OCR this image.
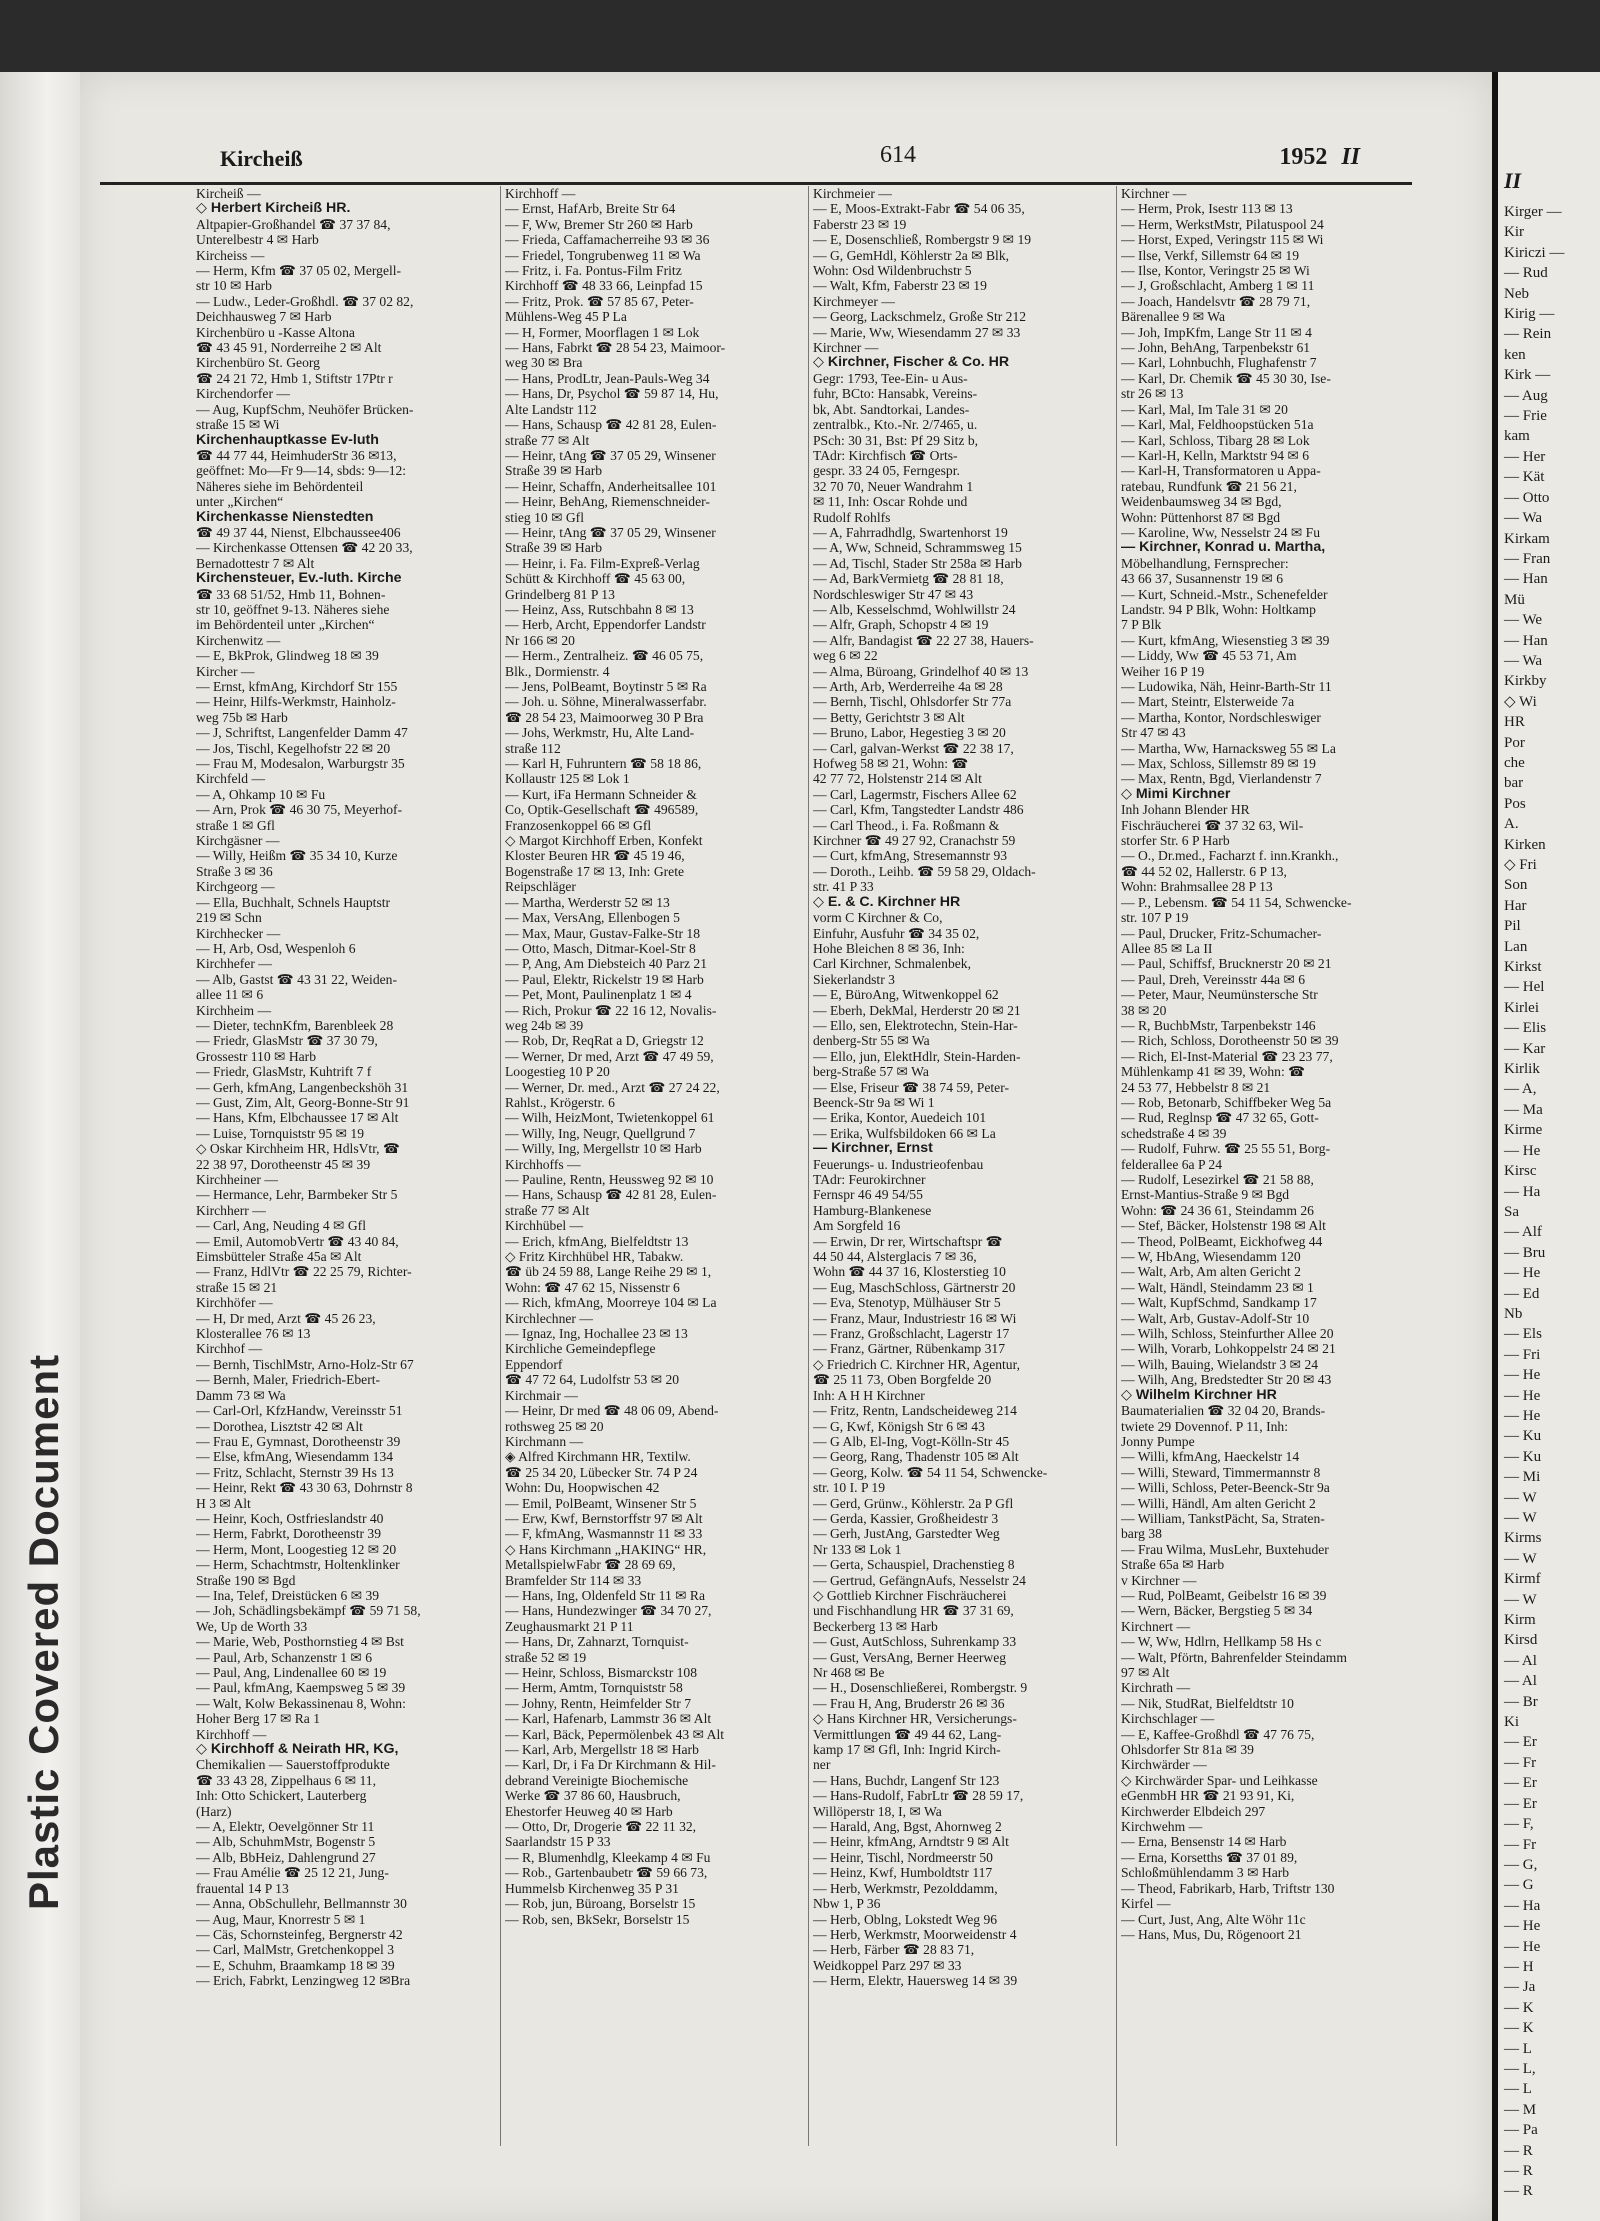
Plastic Covered Document
Kircheiß	614	1952 II
Kircheiß —
◇ Herbert Kircheiß HR.
Altpapier-Großhandel ☎ 37 37 84,
Unterelbestr 4 ✉ Harb
Kircheiss —
— Herm, Kfm ☎ 37 05 02, Mergell-
str 10 ✉ Harb
— Ludw., Leder-Großhdl. ☎ 37 02 82,
Deichhausweg 7 ✉ Harb
Kirchenbüro u -Kasse Altona
☎ 43 45 91, Norderreihe 2 ✉ Alt
Kirchenbüro St. Georg
☎ 24 21 72, Hmb 1, Stiftstr 17Ptr r
Kirchendorfer —
— Aug, KupfSchm, Neuhöfer Brücken-
straße 15 ✉ Wi
Kirchenhauptkasse Ev-luth
☎ 44 77 44, HeimhuderStr 36 ✉13,
geöffnet: Mo—Fr 9—14, sbds: 9—12:
Näheres siehe im Behördenteil
unter „Kirchen“
Kirchenkasse Nienstedten
☎ 49 37 44, Nienst, Elbchaussee406
— Kirchenkasse Ottensen ☎ 42 20 33,
Bernadottestr 7 ✉ Alt
Kirchensteuer, Ev.-luth. Kirche
☎ 33 68 51/52, Hmb 11, Bohnen-
str 10, geöffnet 9-13. Näheres siehe
im Behördenteil unter „Kirchen“
Kirchenwitz —
— E, BkProk, Glindweg 18 ✉ 39
Kircher —
— Ernst, kfmAng, Kirchdorf Str 155
— Heinr, Hilfs-Werkmstr, Hainholz-
weg 75b ✉ Harb
— J, Schriftst, Langenfelder Damm 47
— Jos, Tischl, Kegelhofstr 22 ✉ 20
— Frau M, Modesalon, Warburgstr 35
Kirchfeld —
— A, Ohkamp 10 ✉ Fu
— Arn, Prok ☎ 46 30 75, Meyerhof-
straße 1 ✉ Gfl
Kirchgäsner —
— Willy, Heißm ☎ 35 34 10, Kurze
Straße 3 ✉ 36
Kirchgeorg —
— Ella, Buchhalt, Schnels Hauptstr
219 ✉ Schn
Kirchhecker —
— H, Arb, Osd, Wespenloh 6
Kirchhefer —
— Alb, Gastst ☎ 43 31 22, Weiden-
allee 11 ✉ 6
Kirchheim —
— Dieter, technKfm, Barenbleek 28
— Friedr, GlasMstr ☎ 37 30 79,
Grossestr 110 ✉ Harb
— Friedr, GlasMstr, Kuhtrift 7 f
— Gerh, kfmAng, Langenbeckshöh 31
— Gust, Zim, Alt, Georg-Bonne-Str 91
— Hans, Kfm, Elbchaussee 17 ✉ Alt
— Luise, Tornquiststr 95 ✉ 19
◇ Oskar Kirchheim HR, HdlsVtr, ☎
22 38 97, Dorotheenstr 45 ✉ 39
Kirchheiner —
— Hermance, Lehr, Barmbeker Str 5
Kirchherr —
— Carl, Ang, Neuding 4 ✉ Gfl
— Emil, AutomobVertr ☎ 43 40 84,
Eimsbütteler Straße 45a ✉ Alt
— Franz, HdlVtr ☎ 22 25 79, Richter-
straße 15 ✉ 21
Kirchhöfer —
— H, Dr med, Arzt ☎ 45 26 23,
Klosterallee 76 ✉ 13
Kirchhof —
— Bernh, TischlMstr, Arno-Holz-Str 67
— Bernh, Maler, Friedrich-Ebert-
Damm 73 ✉ Wa
— Carl-Orl, KfzHandw, Vereinsstr 51
— Dorothea, Lisztstr 42 ✉ Alt
— Frau E, Gymnast, Dorotheenstr 39
— Else, kfmAng, Wiesendamm 134
— Fritz, Schlacht, Sternstr 39 Hs 13
— Heinr, Rekt ☎ 43 30 63, Dohrnstr 8
H 3 ✉ Alt
— Heinr, Koch, Ostfrieslandstr 40
— Herm, Fabrkt, Dorotheenstr 39
— Herm, Mont, Loogestieg 12 ✉ 20
— Herm, Schachtmstr, Holtenklinker
Straße 190 ✉ Bgd
— Ina, Telef, Dreistücken 6 ✉ 39
— Joh, Schädlingsbekämpf ☎ 59 71 58,
We, Up de Worth 33
— Marie, Web, Posthornstieg 4 ✉ Bst
— Paul, Arb, Schanzenstr 1 ✉ 6
— Paul, Ang, Lindenallee 60 ✉ 19
— Paul, kfmAng, Kaempsweg 5 ✉ 39
— Walt, Kolw Bekassinenau 8, Wohn:
Hoher Berg 17 ✉ Ra 1
Kirchhoff —
◇ Kirchhoff & Neirath HR, KG,
Chemikalien — Sauerstoffprodukte
☎ 33 43 28, Zippelhaus 6 ✉ 11,
Inh: Otto Schickert, Lauterberg
(Harz)
— A, Elektr, Oevelgönner Str 11
— Alb, SchuhmMstr, Bogenstr 5
— Alb, BbHeiz, Dahlengrund 27
— Frau Amélie ☎ 25 12 21, Jung-
frauental 14 P 13
— Anna, ObSchullehr, Bellmannstr 30
— Aug, Maur, Knorrestr 5 ✉ 1
— Cäs, Schornsteinfeg, Bergnerstr 42
— Carl, MalMstr, Gretchenkoppel 3
— E, Schuhm, Braamkamp 18 ✉ 39
— Erich, Fabrkt, Lenzingweg 12 ✉Bra
Kirchhoff —
— Ernst, HafArb, Breite Str 64
— F, Ww, Bremer Str 260 ✉ Harb
— Frieda, Caffamacherreihe 93 ✉ 36
— Friedel, Tongrubenweg 11 ✉ Wa
— Fritz, i. Fa. Pontus-Film Fritz
Kirchhoff ☎ 48 33 66, Leinpfad 15
— Fritz, Prok. ☎ 57 85 67, Peter-
Mühlens-Weg 45 P La
— H, Former, Moorflagen 1 ✉ Lok
— Hans, Fabrkt ☎ 28 54 23, Maimoor-
weg 30 ✉ Bra
— Hans, ProdLtr, Jean-Pauls-Weg 34
— Hans, Dr, Psychol ☎ 59 87 14, Hu,
Alte Landstr 112
— Hans, Schausp ☎ 42 81 28, Eulen-
straße 77 ✉ Alt
— Heinr, tAng ☎ 37 05 29, Winsener
Straße 39 ✉ Harb
— Heinr, Schaffn, Anderheitsallee 101
— Heinr, BehAng, Riemenschneider-
stieg 10 ✉ Gfl
— Heinr, tAng ☎ 37 05 29, Winsener
Straße 39 ✉ Harb
— Heinr, i. Fa. Film-Expreß-Verlag
Schütt & Kirchhoff ☎ 45 63 00,
Grindelberg 81 P 13
— Heinz, Ass, Rutschbahn 8 ✉ 13
— Herb, Archt, Eppendorfer Landstr
Nr 166 ✉ 20
— Herm., Zentralheiz. ☎ 46 05 75,
Blk., Dormienstr. 4
— Jens, PolBeamt, Boytinstr 5 ✉ Ra
— Joh. u. Söhne, Mineralwasserfabr.
☎ 28 54 23, Maimoorweg 30 P Bra
— Johs, Werkmstr, Hu, Alte Land-
straße 112
— Karl H, Fuhruntern ☎ 58 18 86,
Kollaustr 125 ✉ Lok 1
— Kurt, iFa Hermann Schneider &
Co, Optik-Gesellschaft ☎ 496589,
Franzosenkoppel 66 ✉ Gfl
◇ Margot Kirchhoff Erben, Konfekt
Kloster Beuren HR ☎ 45 19 46,
Bogenstraße 17 ✉ 13, Inh: Grete
Reipschläger
— Martha, Werderstr 52 ✉ 13
— Max, VersAng, Ellenbogen 5
— Max, Maur, Gustav-Falke-Str 18
— Otto, Masch, Ditmar-Koel-Str 8
— P, Ang, Am Diebsteich 40 Parz 21
— Paul, Elektr, Rickelstr 19 ✉ Harb
— Pet, Mont, Paulinenplatz 1 ✉ 4
— Rich, Prokur ☎ 22 16 12, Novalis-
weg 24b ✉ 39
— Rob, Dr, ReqRat a D, Griegstr 12
— Werner, Dr med, Arzt ☎ 47 49 59,
Loogestieg 10 P 20
— Werner, Dr. med., Arzt ☎ 27 24 22,
Rahlst., Krögerstr. 6
— Wilh, HeizMont, Twietenkoppel 61
— Willy, Ing, Neugr, Quellgrund 7
— Willy, Ing, Mergellstr 10 ✉ Harb
Kirchhoffs —
— Pauline, Rentn, Heussweg 92 ✉ 10
— Hans, Schausp ☎ 42 81 28, Eulen-
straße 77 ✉ Alt
Kirchhübel —
— Erich, kfmAng, Bielfeldtstr 13
◇ Fritz Kirchhübel HR, Tabakw.
☎ üb 24 59 88, Lange Reihe 29 ✉ 1,
Wohn: ☎ 47 62 15, Nissenstr 6
— Rich, kfmAng, Moorreye 104 ✉ La
Kirchlechner —
— Ignaz, Ing, Hochallee 23 ✉ 13
Kirchliche Gemeindepflege
Eppendorf
☎ 47 72 64, Ludolfstr 53 ✉ 20
Kirchmair —
— Heinr, Dr med ☎ 48 06 09, Abend-
rothsweg 25 ✉ 20
Kirchmann —
◈ Alfred Kirchmann HR, Textilw.
☎ 25 34 20, Lübecker Str. 74 P 24
Wohn: Du, Hoopwischen 42
— Emil, PolBeamt, Winsener Str 5
— Erw, Kwf, Bernstorffstr 97 ✉ Alt
— F, kfmAng, Wasmannstr 11 ✉ 33
◇ Hans Kirchmann „HAKING“ HR,
MetallspielwFabr ☎ 28 69 69,
Bramfelder Str 114 ✉ 33
— Hans, Ing, Oldenfeld Str 11 ✉ Ra
— Hans, Hundezwinger ☎ 34 70 27,
Zeughausmarkt 21 P 11
— Hans, Dr, Zahnarzt, Tornquist-
straße 52 ✉ 19
— Heinr, Schloss, Bismarckstr 108
— Herm, Amtm, Tornquiststr 58
— Johny, Rentn, Heimfelder Str 7
— Karl, Hafenarb, Lammstr 36 ✉ Alt
— Karl, Bäck, Pepermölenbek 43 ✉ Alt
— Karl, Arb, Mergellstr 18 ✉ Harb
— Karl, Dr, i Fa Dr Kirchmann & Hil-
debrand Vereinigte Biochemische
Werke ☎ 37 86 60, Hausbruch,
Ehestorfer Heuweg 40 ✉ Harb
— Otto, Dr, Drogerie ☎ 22 11 32,
Saarlandstr 15 P 33
— R, Blumenhdlg, Kleekamp 4 ✉ Fu
— Rob., Gartenbaubetr ☎ 59 66 73,
Hummelsb Kirchenweg 35 P 31
— Rob, jun, Büroang, Borselstr 15
— Rob, sen, BkSekr, Borselstr 15
Kirchmeier —
— E, Moos-Extrakt-Fabr ☎ 54 06 35,
Faberstr 23 ✉ 19
— E, Dosenschließ, Rombergstr 9 ✉ 19
— G, GemHdl, Köhlerstr 2a ✉ Blk,
Wohn: Osd Wildenbruchstr 5
— Walt, Kfm, Faberstr 23 ✉ 19
Kirchmeyer —
— Georg, Lackschmelz, Große Str 212
— Marie, Ww, Wiesendamm 27 ✉ 33
Kirchner —
◇ Kirchner, Fischer & Co. HR
Gegr: 1793, Tee-Ein- u Aus-
fuhr, BCto: Hansabk, Vereins-
bk, Abt. Sandtorkai, Landes-
zentralbk., Kto.-Nr. 2/7465, u.
PSch: 30 31, Bst: Pf 29 Sitz b,
TAdr: Kirchfisch ☎ Orts-
gespr. 33 24 05, Ferngespr.
32 70 70, Neuer Wandrahm 1
✉ 11, Inh: Oscar Rohde und
Rudolf Rohlfs
— A, Fahrradhdlg, Swartenhorst 19
— A, Ww, Schneid, Schrammsweg 15
— Ad, Tischl, Stader Str 258a ✉ Harb
— Ad, BarkVermietg ☎ 28 81 18,
Nordschleswiger Str 47 ✉ 43
— Alb, Kesselschmd, Wohlwillstr 24
— Alfr, Graph, Schopstr 4 ✉ 19
— Alfr, Bandagist ☎ 22 27 38, Hauers-
weg 6 ✉ 22
— Alma, Büroang, Grindelhof 40 ✉ 13
— Arth, Arb, Werderreihe 4a ✉ 28
— Bernh, Tischl, Ohlsdorfer Str 77a
— Betty, Gerichtstr 3 ✉ Alt
— Bruno, Labor, Hegestieg 3 ✉ 20
— Carl, galvan-Werkst ☎ 22 38 17,
Hofweg 58 ✉ 21, Wohn: ☎
42 77 72, Holstenstr 214 ✉ Alt
— Carl, Lagermstr, Fischers Allee 62
— Carl, Kfm, Tangstedter Landstr 486
— Carl Theod., i. Fa. Roßmann &
Kirchner ☎ 49 27 92, Cranachstr 59
— Curt, kfmAng, Stresemannstr 93
— Doroth., Leihb. ☎ 59 58 29, Oldach-
str. 41 P 33
◇ E. & C. Kirchner HR
vorm C Kirchner & Co,
Einfuhr, Ausfuhr ☎ 34 35 02,
Hohe Bleichen 8 ✉ 36, Inh:
Carl Kirchner, Schmalenbek,
Siekerlandstr 3
— E, BüroAng, Witwenkoppel 62
— Eberh, DekMal, Herderstr 20 ✉ 21
— Ello, sen, Elektrotechn, Stein-Har-
denberg-Str 55 ✉ Wa
— Ello, jun, ElektHdlr, Stein-Harden-
berg-Straße 57 ✉ Wa
— Else, Friseur ☎ 38 74 59, Peter-
Beenck-Str 9a ✉ Wi 1
— Erika, Kontor, Auedeich 101
— Erika, Wulfsbildoken 66 ✉ La
— Kirchner, Ernst
Feuerungs- u. Industrieofenbau
TAdr: Feurokirchner
Fernspr 46 49 54/55
Hamburg-Blankenese
Am Sorgfeld 16
— Erwin, Dr rer, Wirtschaftspr ☎
44 50 44, Alsterglacis 7 ✉ 36,
Wohn ☎ 44 37 16, Klosterstieg 10
— Eug, MaschSchloss, Gärtnerstr 20
— Eva, Stenotyp, Mülhäuser Str 5
— Franz, Maur, Industriestr 16 ✉ Wi
— Franz, Großschlacht, Lagerstr 17
— Franz, Gärtner, Rübenkamp 317
◇ Friedrich C. Kirchner HR, Agentur,
☎ 25 11 73, Oben Borgfelde 20
Inh: A H H Kirchner
— Fritz, Rentn, Landscheideweg 214
— G, Kwf, Königsh Str 6 ✉ 43
— G Alb, El-Ing, Vogt-Kölln-Str 45
— Georg, Rang, Thadenstr 105 ✉ Alt
— Georg, Kolw. ☎ 54 11 54, Schwencke-
str. 10 I. P 19
— Gerd, Grünw., Köhlerstr. 2a P Gfl
— Gerda, Kassier, Großheidestr 3
— Gerh, JustAng, Garstedter Weg
Nr 133 ✉ Lok 1
— Gerta, Schauspiel, Drachenstieg 8
— Gertrud, GefängnAufs, Nesselstr 24
◇ Gottlieb Kirchner Fischräucherei
und Fischhandlung HR ☎ 37 31 69,
Beckerberg 13 ✉ Harb
— Gust, AutSchloss, Suhrenkamp 33
— Gust, VersAng, Berner Heerweg
Nr 468 ✉ Be
— H., Dosenschließerei, Rombergstr. 9
— Frau H, Ang, Bruderstr 26 ✉ 36
◇ Hans Kirchner HR, Versicherungs-
Vermittlungen ☎ 49 44 62, Lang-
kamp 17 ✉ Gfl, Inh: Ingrid Kirch-
ner
— Hans, Buchdr, Langenf Str 123
— Hans-Rudolf, FabrLtr ☎ 28 59 17,
Willöperstr 18, I, ✉ Wa
— Harald, Ang, Bgst, Ahornweg 2
— Heinr, kfmAng, Arndtstr 9 ✉ Alt
— Heinr, Tischl, Nordmeerstr 50
— Heinz, Kwf, Humboldtstr 117
— Herb, Werkmstr, Pezolddamm,
Nbw 1, P 36
— Herb, Oblng, Lokstedt Weg 96
— Herb, Werkmstr, Moorweidenstr 4
— Herb, Färber ☎ 28 83 71,
Weidkoppel Parz 297 ✉ 33
— Herm, Elektr, Hauersweg 14 ✉ 39
Kirchner —
— Herm, Prok, Isestr 113 ✉ 13
— Herm, WerkstMstr, Pilatuspool 24
— Horst, Exped, Veringstr 115 ✉ Wi
— Ilse, Verkf, Sillemstr 64 ✉ 19
— Ilse, Kontor, Veringstr 25 ✉ Wi
— J, Großschlacht, Amberg 1 ✉ 11
— Joach, Handelsvtr ☎ 28 79 71,
Bärenallee 9 ✉ Wa
— Joh, ImpKfm, Lange Str 11 ✉ 4
— John, BehAng, Tarpenbekstr 61
— Karl, Lohnbuchh, Flughafenstr 7
— Karl, Dr. Chemik ☎ 45 30 30, Ise-
str 26 ✉ 13
— Karl, Mal, Im Tale 31 ✉ 20
— Karl, Mal, Feldhoopstücken 51a
— Karl, Schloss, Tibarg 28 ✉ Lok
— Karl-H, Kelln, Marktstr 94 ✉ 6
— Karl-H, Transformatoren u Appa-
ratebau, Rundfunk ☎ 21 56 21,
Weidenbaumsweg 34 ✉ Bgd,
Wohn: Püttenhorst 87 ✉ Bgd
— Karoline, Ww, Nesselstr 24 ✉ Fu
— Kirchner, Konrad u. Martha,
Möbelhandlung, Fernsprecher:
43 66 37, Susannenstr 19 ✉ 6
— Kurt, Schneid.-Mstr., Schenefelder
Landstr. 94 P Blk, Wohn: Holtkamp
7 P Blk
— Kurt, kfmAng, Wiesenstieg 3 ✉ 39
— Liddy, Ww ☎ 45 53 71, Am
Weiher 16 P 19
— Ludowika, Näh, Heinr-Barth-Str 11
— Mart, Steintr, Elsterweide 7a
— Martha, Kontor, Nordschleswiger
Str 47 ✉ 43
— Martha, Ww, Harnacksweg 55 ✉ La
— Max, Schloss, Sillemstr 89 ✉ 19
— Max, Rentn, Bgd, Vierlandenstr 7
◇ Mimi Kirchner
Inh Johann Blender HR
Fischräucherei ☎ 37 32 63, Wil-
storfer Str. 6 P Harb
— O., Dr.med., Facharzt f. inn.Krankh.,
☎ 44 52 02, Hallerstr. 6 P 13,
Wohn: Brahmsallee 28 P 13
— P., Lebensm. ☎ 54 11 54, Schwencke-
str. 107 P 19
— Paul, Drucker, Fritz-Schumacher-
Allee 85 ✉ La II
— Paul, Schiffsf, Brucknerstr 20 ✉ 21
— Paul, Dreh, Vereinsstr 44a ✉ 6
— Peter, Maur, Neumünstersche Str
38 ✉ 20
— R, BuchbMstr, Tarpenbekstr 146
— Rich, Schloss, Dorotheenstr 50 ✉ 39
— Rich, El-Inst-Material ☎ 23 23 77,
Mühlenkamp 41 ✉ 39, Wohn: ☎
24 53 77, Hebbelstr 8 ✉ 21
— Rob, Betonarb, Schiffbeker Weg 5a
— Rud, Reglnsp ☎ 47 32 65, Gott-
schedstraße 4 ✉ 39
— Rudolf, Fuhrw. ☎ 25 55 51, Borg-
felderallee 6a P 24
— Rudolf, Lesezirkel ☎ 21 58 88,
Ernst-Mantius-Straße 9 ✉ Bgd
Wohn: ☎ 24 36 61, Steindamm 26
— Stef, Bäcker, Holstenstr 198 ✉ Alt
— Theod, PolBeamt, Eickhofweg 44
— W, HbAng, Wiesendamm 120
— Walt, Arb, Am alten Gericht 2
— Walt, Händl, Steindamm 23 ✉ 1
— Walt, KupfSchmd, Sandkamp 17
— Walt, Arb, Gustav-Adolf-Str 10
— Wilh, Schloss, Steinfurther Allee 20
— Wilh, Vorarb, Lohkoppelstr 24 ✉ 21
— Wilh, Bauing, Wielandstr 3 ✉ 24
— Wilh, Ang, Bredstedter Str 20 ✉ 43
◇ Wilhelm Kirchner HR
Baumaterialien ☎ 32 04 20, Brands-
twiete 29 Dovennof. P 11, Inh:
Jonny Pumpe
— Willi, kfmAng, Haeckelstr 14
— Willi, Steward, Timmermannstr 8
— Willi, Schloss, Peter-Beenck-Str 9a
— Willi, Händl, Am alten Gericht 2
— William, TankstPächt, Sa, Straten-
barg 38
— Frau Wilma, MusLehr, Buxtehuder
Straße 65a ✉ Harb
v Kirchner —
— Rud, PolBeamt, Geibelstr 16 ✉ 39
— Wern, Bäcker, Bergstieg 5 ✉ 34
Kirchnert —
— W, Ww, Hdlrn, Hellkamp 58 Hs c
— Walt, Pförtn, Bahrenfelder Steindamm
97 ✉ Alt
Kirchrath —
— Nik, StudRat, Bielfeldtstr 10
Kirchschlager —
— E, Kaffee-Großhdl ☎ 47 76 75,
Ohlsdorfer Str 81a ✉ 39
Kirchwärder —
◇ Kirchwärder Spar- und Leihkasse
eGenmbH HR ☎ 21 93 91, Ki,
Kirchwerder Elbdeich 297
Kirchwehm —
— Erna, Bensenstr 14 ✉ Harb
— Erna, Korsetths ☎ 37 01 89,
Schloßmühlendamm 3 ✉ Harb
— Theod, Fabrikarb, Harb, Triftstr 130
Kirfel —
— Curt, Just, Ang, Alte Wöhr 11c
— Hans, Mus, Du, Rögenoort 21
II
Kirger —
Kir
Kiriczi —
— Rud
Neb
Kirig —
— Rein
ken
Kirk —
— Aug
— Frie
kam
— Her
— Kät
— Otto
— Wa
Kirkam
— Fran
— Han
Mü
— We
— Han
— Wa
Kirkby
◇ Wi
HR
Por
che
bar
Pos
A.
Kirken
◇ Fri
Son
Har
Pil
Lan
Kirkst
— Hel
Kirlei
— Elis
— Kar
Kirlik
— A,
— Ma
Kirme
— He
Kirsc
— Ha
Sa
— Alf
— Bru
— He
— Ed
Nb
— Els
— Fri
— He
— He
— He
— Ku
— Ku
— Mi
— W
— W
Kirms
— W
Kirmf
— W
Kirm
Kirsd
— Al
— Al
— Br
Ki
— Er
— Fr
— Er
— Er
— F,
— Fr
— G,
— G
— Ha
— He
— He
— H
— Ja
— K
— K
— L
— L,
— L
— M
— Pa
— R
— R
— R
